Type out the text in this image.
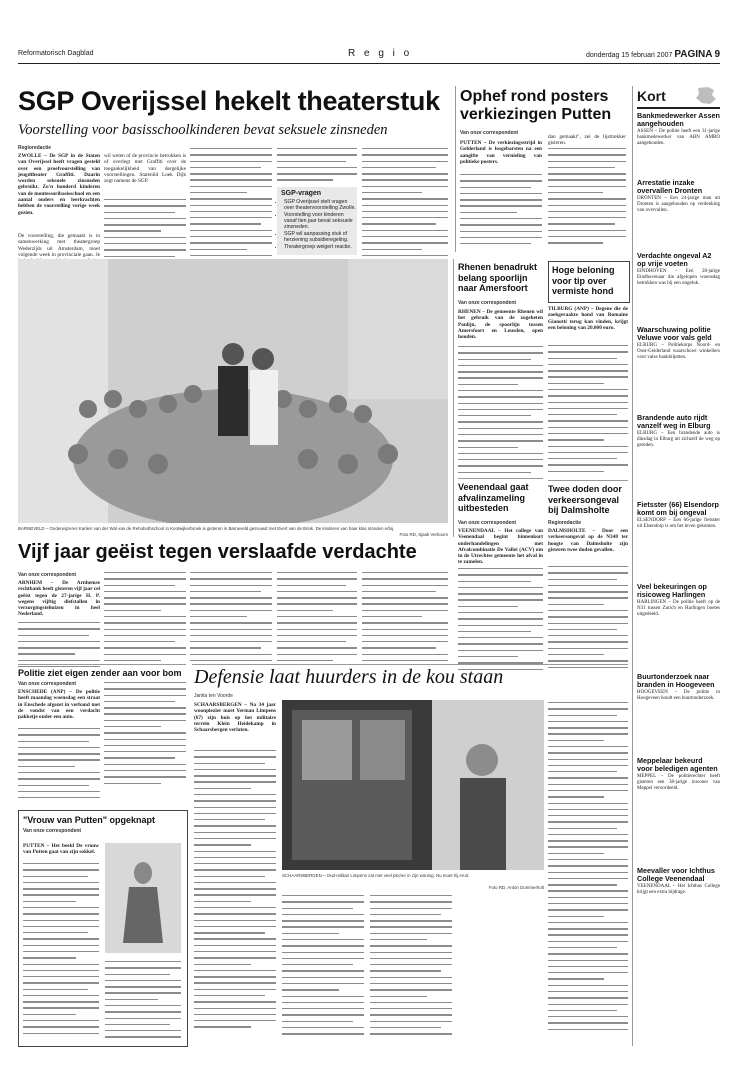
Reformatorisch Dagblad	R e g i o	donderdag 15 februari 2007 PAGINA 9
SGP Overijssel hekelt theaterstuk
Voorstelling voor basisschoolkinderen bevat seksuele zinsneden
Regioredactie
ZWOLLE – De SGP in de Staten van Overijssel heeft vragen gesteld over een proefvoorstelling van jeugdtheater Graffiti. Daarin worden seksuele zinsneden gebruikt. Zo'n honderd kinderen van de montessoribasisschool en een aantal ouders en leerkrachten hebben de voorstelling vorige week gezien.
De voorstelling, die gemaakt is in samenwerking met theatergroep Wederzijds uit Amsterdam, moet volgende week in provinciale gaan. Je
wil weten of de provincie betrokken is of overlegt met Graffiti over de toegankelijkheid van dergelijke voorstellingen. Statenlid Loek Dijk zegt namens de SGP.
SGP-vragen
• SGP Overijssel stelt vragen over theatervoorstelling Zwolle.
• Voorstelling voor kinderen vanaf tien jaar bevat seksuele zinsneden.
• SGP wil aanpassing stuk of herziening subsidieregeling.
• Theatergroep weigert reactie.
Ophef rond posters
verkiezingen Putten
Van onze correspondent
PUTTEN – De verkiezingsstrijd in Gelderland is losgebarsten na een aangifte van vernieling van politieke posters.
dan gemaakt", zei de lijsttrekker gisteren.
Kort
Bankmedewerker Assen aangehouden
ASSEN – De politie heeft een 31-jarige bankmedewerker van ABN AMRO aangehouden.
Arrestatie inzake overvallen Dronten
DRONTEN – Een 24-jarige man uit Dronten is aangehouden op verdenking van overvallen.
Verdachte ongeval A2 op vrije voeten
EINDHOVEN – Een 28-jarige Eindhovenaar die afgelopen woensdag betrokken was bij een ongeluk.
Waarschuwing politie Veluwe voor vals geld
ELBURG – Politiekorps Noord- en Oost-Gelderland waarschuwt winkeliers voor valse bankbiljetten.
Brandende auto rijdt vanzelf weg in Elburg
ELBURG – Een brandende auto is dinsdag in Elburg uit zichzelf de weg op gereden.
Fietsster (66) Elsendorp komt om bij ongeval
ELSENDORP – Een 66-jarige fietsster uit Elsendorp is om het leven gekomen.
Veel bekeuringen op risicoweg Harlingen
HARLINGEN – De politie heeft op de N31 tussen Zurich en Harlingen boetes uitgedeeld.
Buurtonderzoek naar branden in Hoogeveen
HOOGEVEEN – De politie in Hoogeveen houdt een buurtonderzoek.
Meppelaar bekeurd voor beledigen agenten
MEPPEL – De politierechter heeft gisteren een 38-jarige inwoner van Meppel veroordeeld.
Meevaller voor Ichthus College Veenendaal
VEENENDAAL – Het Ichthus College krijgt een extra bijdrage.
BARNEVELD – Onderwijzeres Karlien van der Wal van de Rehobothschool in Kootwijkerbroek is gisteren in Barneveld getrouwd met Evert van de Brink. De kinderen van haar klas stonden erbij.
Foto RD, Sjaak Verboom
Rhenen benadrukt belang spoorlijn naar Amersfoort
Van onze correspondent
RHENEN – De gemeente Rhenen wil het gebruik van de zogeheten Ponlijn, de spoorlijn tussen Amersfoort en Leusden, open houden.
Hoge beloning voor tip over vermiste hond
TILBURG (ANP) – Degene die de zoekgeraakte hond van Romaine Gianotti terug kan vinden, krijgt een beloning van 20.000 euro.
Veenendaal gaat afvalinzameling uitbesteden
Van onze correspondent
VEENENDAAL – Het college van Veenendaal begint binnenkort onderhandelingen met Afvalcombinatie De Vallei (ACV) om in de Utrechtse gemeente het afval in te zamelen.
Twee doden door verkeersongeval bij Dalmsholte
Regioredactie
DALMSHOLTE – Door een verkeersongeval op de N348 ter hoogte van Dalmsholte zijn gisteren twee doden gevallen.
Vijf jaar geëist tegen verslaafde verdachte
Van onze correspondent
ARNHEM – De Arnhemse rechtbank heeft gisteren vijf jaar cel geëist tegen de 27-jarige H. P. wegens vijftig diefstallen in verzorgingstehuizen in heel Nederland.
Politie ziet eigen zender aan voor bom
Van onze correspondent
ENSCHEDE (ANP) – De politie heeft maandag woensdag een straat in Enschede afgezet in verband met de vondst van een verdacht pakketje onder een auto.
"Vrouw van Putten" opgeknapt
Van onze correspondent
PUTTEN – Het beeld De vrouw van Putten gaat van zijn sokkel.
Defensie laat huurders in de kou staan
Janita ten Voorde
SCHAARSBERGEN – Na 34 jaar woonplezier moet Yerman Limpens (67) zijn huis op het militaire terrein Klein Heidekamp in Schaarsbergen verlaten.
SCHAARSBERGEN – Oud-militair Limpens zat met veel plezier in zijn woning. Nu moet hij eruit.
Foto RD, Anton Dommerholt
